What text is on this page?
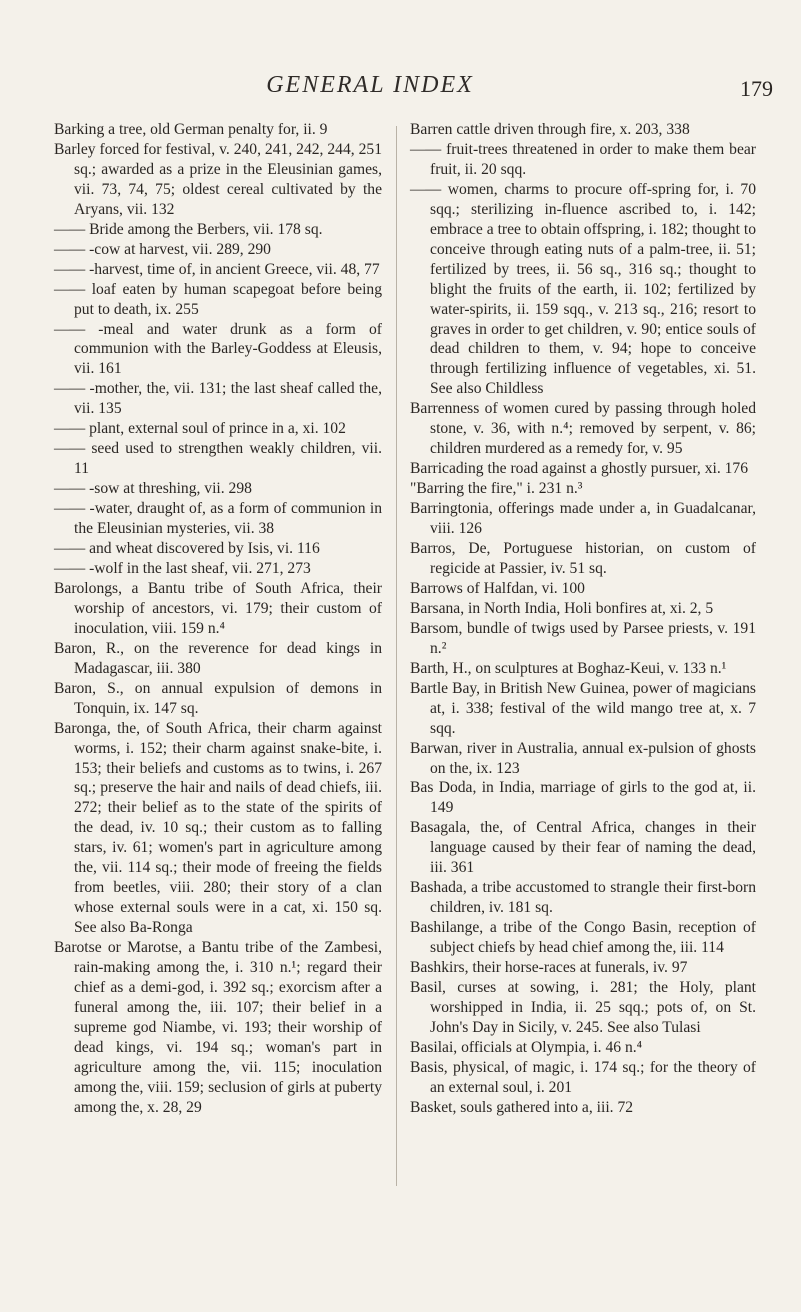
GENERAL INDEX	179

Barking a tree, old German penalty for, ii. 9

Barley forced for festival, v. 240, 241, 242, 244, 251 sq.; awarded as a prize in the Eleusinian games, vii. 73, 74, 75; oldest cereal cultivated by the Aryans, vii. 132

—— Bride among the Berbers, vii. 178 sq.

—— -cow at harvest, vii. 289, 290

—— -harvest, time of, in ancient Greece, vii. 48, 77

—— loaf eaten by human scapegoat before being put to death, ix. 255

—— -meal and water drunk as a form of communion with the Barley-Goddess at Eleusis, vii. 161

—— -mother, the, vii. 131; the last sheaf called the, vii. 135

—— plant, external soul of prince in a, xi. 102

—— seed used to strengthen weakly children, vii. 11

—— -sow at threshing, vii. 298

—— -water, draught of, as a form of communion in the Eleusinian mysteries, vii. 38

—— and wheat discovered by Isis, vi. 116

—— -wolf in the last sheaf, vii. 271, 273

Barolongs, a Bantu tribe of South Africa, their worship of ancestors, vi. 179; their custom of inoculation, viii. 159 n.⁴

Baron, R., on the reverence for dead kings in Madagascar, iii. 380

Baron, S., on annual expulsion of demons in Tonquin, ix. 147 sq.

Baronga, the, of South Africa, their charm against worms, i. 152; their charm against snake-bite, i. 153; their beliefs and customs as to twins, i. 267 sq.; preserve the hair and nails of dead chiefs, iii. 272; their belief as to the state of the spirits of the dead, iv. 10 sq.; their custom as to falling stars, iv. 61; women's part in agriculture among the, vii. 114 sq.; their mode of freeing the fields from beetles, viii. 280; their story of a clan whose external souls were in a cat, xi. 150 sq. See also Ba-Ronga

Barotse or Marotse, a Bantu tribe of the Zambesi, rain-making among the, i. 310 n.¹; regard their chief as a demi-god, i. 392 sq.; exorcism after a funeral among the, iii. 107; their belief in a supreme god Niambe, vi. 193; their worship of dead kings, vi. 194 sq.; woman's part in agriculture among the, vii. 115; inoculation among the, viii. 159; seclusion of girls at puberty among the, x. 28, 29

Barren cattle driven through fire, x. 203, 338

—— fruit-trees threatened in order to make them bear fruit, ii. 20 sqq.

—— women, charms to procure off-spring for, i. 70 sqq.; sterilizing in-fluence ascribed to, i. 142; embrace a tree to obtain offspring, i. 182; thought to conceive through eating nuts of a palm-tree, ii. 51; fertilized by trees, ii. 56 sq., 316 sq.; thought to blight the fruits of the earth, ii. 102; fertilized by water-spirits, ii. 159 sqq., v. 213 sq., 216; resort to graves in order to get children, v. 90; entice souls of dead children to them, v. 94; hope to conceive through fertilizing influence of vegetables, xi. 51. See also Childless

Barrenness of women cured by passing through holed stone, v. 36, with n.⁴; removed by serpent, v. 86; children murdered as a remedy for, v. 95

Barricading the road against a ghostly pursuer, xi. 176

"Barring the fire," i. 231 n.³

Barringtonia, offerings made under a, in Guadalcanar, viii. 126

Barros, De, Portuguese historian, on custom of regicide at Passier, iv. 51 sq.

Barrows of Halfdan, vi. 100

Barsana, in North India, Holi bonfires at, xi. 2, 5

Barsom, bundle of twigs used by Parsee priests, v. 191 n.²

Barth, H., on sculptures at Boghaz-Keui, v. 133 n.¹

Bartle Bay, in British New Guinea, power of magicians at, i. 338; festival of the wild mango tree at, x. 7 sqq.

Barwan, river in Australia, annual ex-pulsion of ghosts on the, ix. 123

Bas Doda, in India, marriage of girls to the god at, ii. 149

Basagala, the, of Central Africa, changes in their language caused by their fear of naming the dead, iii. 361

Bashada, a tribe accustomed to strangle their first-born children, iv. 181 sq.

Bashilange, a tribe of the Congo Basin, reception of subject chiefs by head chief among the, iii. 114

Bashkirs, their horse-races at funerals, iv. 97

Basil, curses at sowing, i. 281; the Holy, plant worshipped in India, ii. 25 sqq.; pots of, on St. John's Day in Sicily, v. 245. See also Tulasi

Basilai, officials at Olympia, i. 46 n.⁴

Basis, physical, of magic, i. 174 sq.; for the theory of an external soul, i. 201

Basket, souls gathered into a, iii. 72
